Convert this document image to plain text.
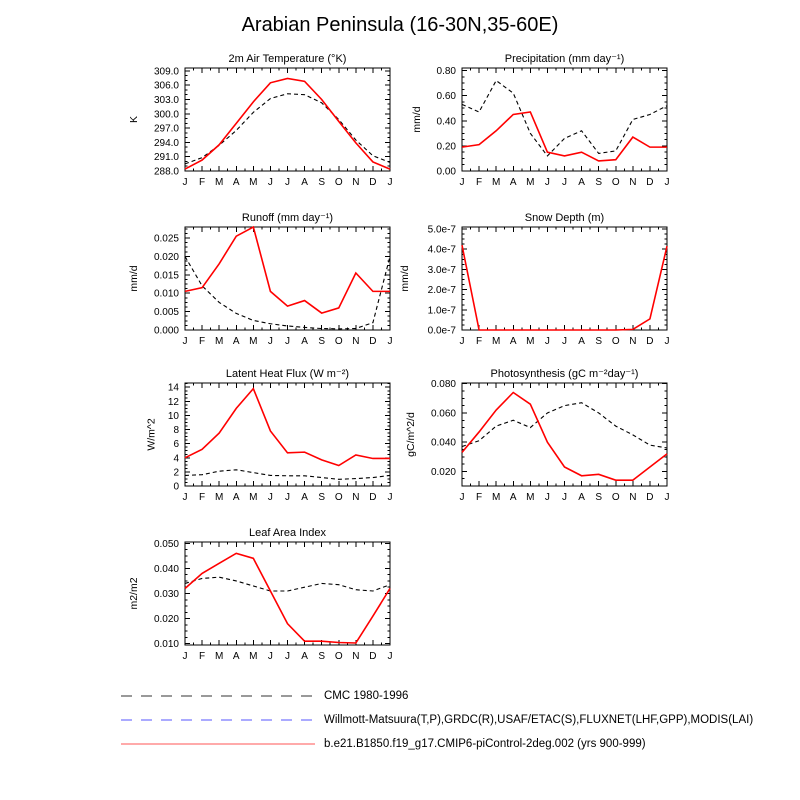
Arabian Peninsula (16-30N,35-60E)
288.0
291.0
294.0
297.0
300.0
303.0
306.0
309.0
J F M A M J J A S O N D J
2m Air Temperature (°K)
K
0.00
0.20
0.40
0.60
0.80
J F M A M J J A S O N D J
Precipitation (mm day⁻¹)
mm/d
0.000
0.005
0.010
0.015
0.020
0.025
J F M A M J J A S O N D J
Runoff (mm day⁻¹)
mm/d
0.0e-7
1.0e-7
2.0e-7
3.0e-7
4.0e-7
5.0e-7
J F M A M J J A S O N D J
Snow Depth (m)
mm/d
0
2
4
6
8
10
12
14
J F M A M J J A S O N D J
Latent Heat Flux (W m⁻²)
W/m^2
0.020
0.040
0.060
0.080
J F M A M J J A S O N D J
Photosynthesis (gC m⁻²day⁻¹)
gC/m^2/d
0.010
0.020
0.030
0.040
0.050
J F M A M J J A S O N D J
Leaf Area Index
m2/m2
CMC 1980-1996
Willmott-Matsuura(T,P),GRDC(R),USAF/ETAC(S),FLUXNET(LHF,GPP),MODIS(LAI)
b.e21.B1850.f19_g17.CMIP6-piControl-2deg.002 (yrs 900-999)
